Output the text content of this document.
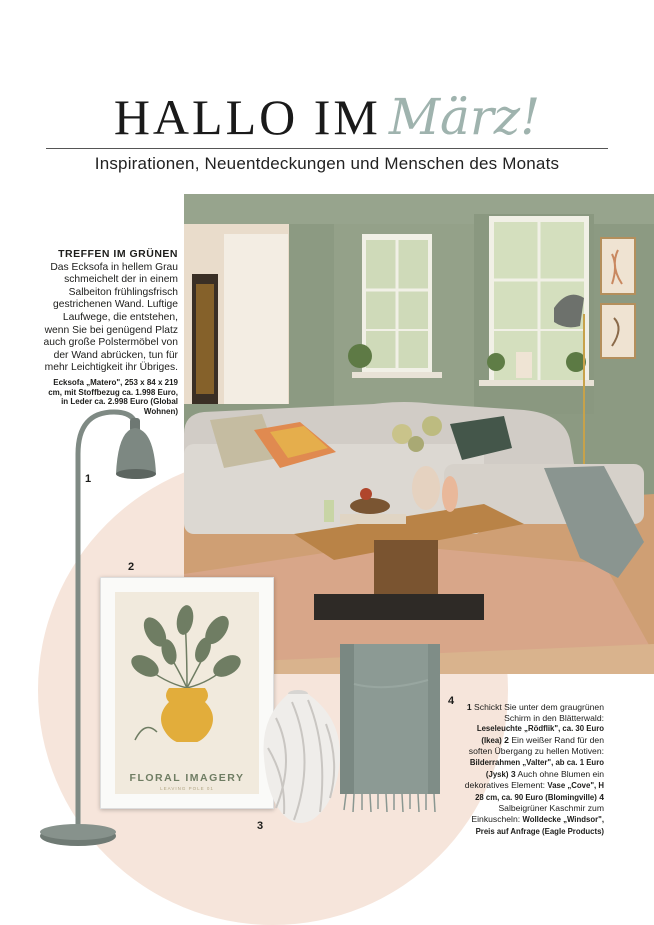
HALLO IM März!
Inspirationen, Neuentdeckungen und Menschen des Monats
TREFFEN IM GRÜNEN

Das Ecksofa in hellem Grau schmeichelt der in einem Salbeiton frühlingsfrisch gestrichenen Wand. Luftige Laufwege, die entstehen, wenn Sie bei genügend Platz auch große Polstermöbel von der Wand abrücken, tun für mehr Leichtigkeit ihr Übriges.

Ecksofa „Matero", 253 x 84 x 219 cm, mit Stoffbezug ca. 1.998 Euro, in Leder ca. 2.998 Euro (Global Wohnen)

1
2
FLORAL IMAGERY
LEAVING POLE 01
3
4	1 Schickt Sie unter dem graugrünen Schirm in den Blätterwald: Leseleuchte „Rödflik", ca. 30 Euro (Ikea) 2 Ein weißer Rand für den soften Übergang zu hellen Motiven: Bilderrahmen „Valter", ab ca. 1 Euro (Jysk) 3 Auch ohne Blumen ein dekoratives Element: Vase „Cove", H 28 cm, ca. 90 Euro (Blomingville) 4 Salbeigrüner Kaschmir zum Einkuscheln: Wolldecke „Windsor", Preis auf Anfrage (Eagle Products)
